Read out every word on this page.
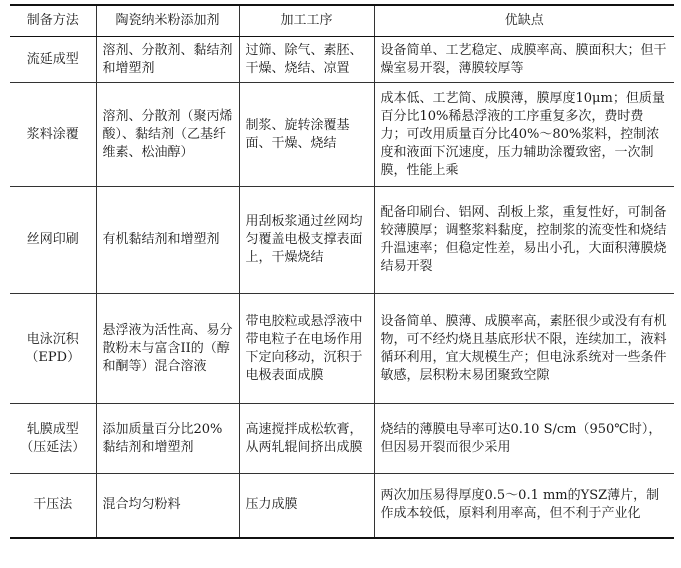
制备方法	陶瓷纳米粉添加剂	加工工序	优缺点
流延成型	溶剂、分散剂、黏结剂和增塑剂	过筛、除气、素胚、干燥、烧结、凉置	设备简单、工艺稳定、成膜率高、膜面积大；但干燥室易开裂，薄膜较厚等
浆料涂覆	溶剂、分散剂（聚丙烯酸）、黏结剂（乙基纤维素、松油醇）	制浆、旋转涂覆基面、干燥、烧结	成本低、工艺简、成膜薄，膜厚度10μm；但质量百分比10%稀悬浮液的工序重复多次，费时费力；可改用质量百分比40%～80%浆料，控制浓度和液面下沉速度，压力辅助涂覆致密，一次制膜，性能上乘
丝网印刷	有机黏结剂和增塑剂	用刮板浆通过丝网均匀覆盖电极支撑表面上，干燥烧结	配备印刷台、铝网、刮板上浆，重复性好，可制备较薄膜厚；调整浆料黏度，控制浆的流变性和烧结升温速率；但稳定性差，易出小孔，大面积薄膜烧结易开裂
电泳沉积（EPD）	悬浮液为活性高、易分散粉末与富含II的（醇和酮等）混合溶液	带电胶粒或悬浮液中带电粒子在电场作用下定向移动，沉积于电极表面成膜	设备简单、膜薄、成膜率高，素胚很少或没有有机物，可不经灼烧且基底形状不限，连续加工，液料循环利用，宜大规模生产；但电泳系统对一些条件敏感，层积粉末易团聚致空隙
轧膜成型（压延法）	添加质量百分比20%黏结剂和增塑剂	高速搅拌成松软膏，从两轧辊间挤出成膜	烧结的薄膜电导率可达0.10 S/cm（950℃时），但因易开裂而很少采用
干压法	混合均匀粉料	压力成膜	两次加压易得厚度0.5～0.1 mm的YSZ薄片，制作成本较低，原料利用率高，但不利于产业化
